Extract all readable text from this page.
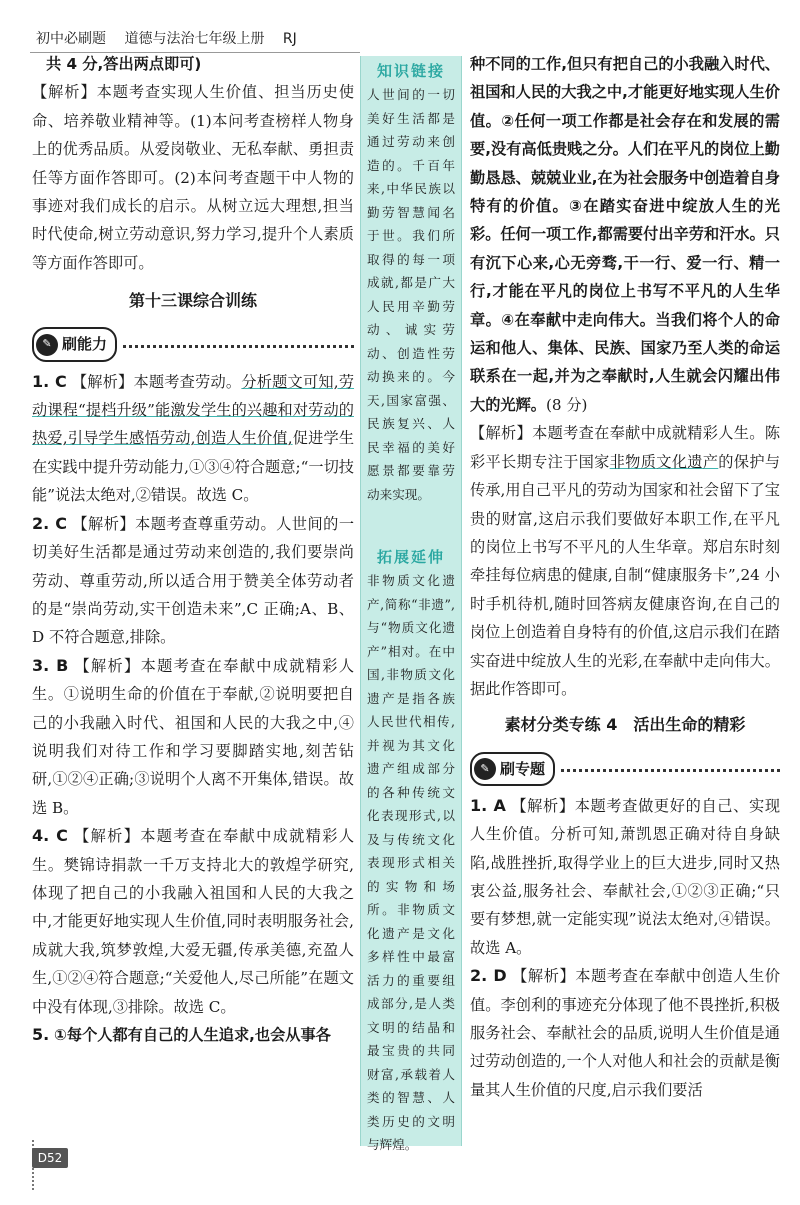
初中必刷题 道德与法治七年级上册 RJ

共 4 分,答出两点即可)

【解析】本题考查实现人生价值、担当历史使命、培养敬业精神等。(1)本问考查榜样人物身上的优秀品质。从爱岗敬业、无私奉献、勇担责任等方面作答即可。(2)本问考查题干中人物的事迹对我们成长的启示。从树立远大理想,担当时代使命,树立劳动意识,努力学习,提升个人素质等方面作答即可。

第十三课综合训练
✎ 刷能力

1. C 【解析】本题考查劳动。分析题文可知,劳动课程“提档升级”能激发学生的兴趣和对劳动的热爱,引导学生感悟劳动,创造人生价值,促进学生在实践中提升劳动能力,①③④符合题意;“一切技能”说法太绝对,②错误。故选 C。

2. C 【解析】本题考查尊重劳动。人世间的一切美好生活都是通过劳动来创造的,我们要崇尚劳动、尊重劳动,所以适合用于赞美全体劳动者的是“崇尚劳动,实干创造未来”,C 正确;A、B、D 不符合题意,排除。

3. B 【解析】本题考查在奉献中成就精彩人生。①说明生命的价值在于奉献,②说明要把自己的小我融入时代、祖国和人民的大我之中,④说明我们对待工作和学习要脚踏实地,刻苦钻研,①②④正确;③说明个人离不开集体,错误。故选 B。

4. C 【解析】本题考查在奉献中成就精彩人生。樊锦诗捐款一千万支持北大的敦煌学研究,体现了把自己的小我融入祖国和人民的大我之中,才能更好地实现人生价值,同时表明服务社会,成就大我,筑梦敦煌,大爱无疆,传承美德,充盈人生,①②④符合题意;“关爱他人,尽己所能”在题文中没有体现,③排除。故选 C。

5. ①每个人都有自己的人生追求,也会从事各

知识链接
人世间的一切美好生活都是通过劳动来创造的。千百年来,中华民族以勤劳智慧闻名于世。我们所取得的每一项成就,都是广大人民用辛勤劳动、诚实劳动、创造性劳动换来的。今天,国家富强、民族复兴、人民幸福的美好愿景都要靠劳动来实现。
拓展延伸
非物质文化遗产,简称“非遗”,与“物质文化遗产”相对。在中国,非物质文化遗产是指各族人民世代相传,并视为其文化遗产组成部分的各种传统文化表现形式,以及与传统文化表现形式相关的实物和场所。非物质文化遗产是文化多样性中最富活力的重要组成部分,是人类文明的结晶和最宝贵的共同财富,承载着人类的智慧、人类历史的文明与辉煌。

种不同的工作,但只有把自己的小我融入时代、祖国和人民的大我之中,才能更好地实现人生价值。②任何一项工作都是社会存在和发展的需要,没有高低贵贱之分。人们在平凡的岗位上勤勤恳恳、兢兢业业,在为社会服务中创造着自身特有的价值。③在踏实奋进中绽放人生的光彩。任何一项工作,都需要付出辛劳和汗水。只有沉下心来,心无旁骛,干一行、爱一行、精一行,才能在平凡的岗位上书写不平凡的人生华章。④在奉献中走向伟大。当我们将个人的命运和他人、集体、民族、国家乃至人类的命运联系在一起,并为之奉献时,人生就会闪耀出伟大的光辉。(8 分)

【解析】本题考查在奉献中成就精彩人生。陈彩平长期专注于国家非物质文化遗产的保护与传承,用自己平凡的劳动为国家和社会留下了宝贵的财富,这启示我们要做好本职工作,在平凡的岗位上书写不平凡的人生华章。郑启东时刻牵挂每位病患的健康,自制“健康服务卡”,24 小时手机待机,随时回答病友健康咨询,在自己的岗位上创造着自身特有的价值,这启示我们在踏实奋进中绽放人生的光彩,在奉献中走向伟大。据此作答即可。

素材分类专练 4　活出生命的精彩
✎ 刷专题

1. A 【解析】本题考查做更好的自己、实现人生价值。分析可知,萧凯恩正确对待自身缺陷,战胜挫折,取得学业上的巨大进步,同时又热衷公益,服务社会、奉献社会,①②③正确;“只要有梦想,就一定能实现”说法太绝对,④错误。故选 A。

2. D 【解析】本题考查在奉献中创造人生价值。李创利的事迹充分体现了他不畏挫折,积极服务社会、奉献社会的品质,说明人生价值是通过劳动创造的,一个人对他人和社会的贡献是衡量其人生价值的尺度,启示我们要活

D52
